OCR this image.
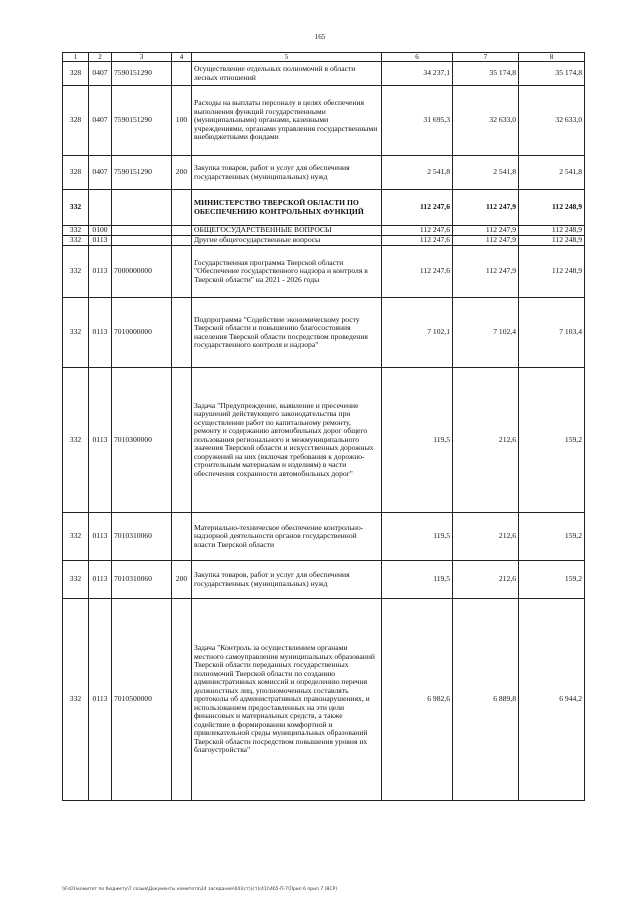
165
1	2	3	4	5	6	7	8
328	0407	7590151290		Осуществление отдельных полномочий в области лесных отношений	34 237,1	35 174,8	35 174,8
328	0407	7590151290	100	Расходы на выплаты персоналу в целях обеспечения выполнения функций государственными (муниципальными) органами, казенными учреждениями, органами управления государственными внебюджетными фондами	31 695,3	32 633,0	32 633,0
328	0407	7590151290	200	Закупка товаров, работ и услуг для обеспечения государственных (муниципальных) нужд	2 541,8	2 541,8	2 541,8
332				МИНИСТЕРСТВО ТВЕРСКОЙ ОБЛАСТИ ПО ОБЕСПЕЧЕНИЮ КОНТРОЛЬНЫХ ФУНКЦИЙ	112 247,6	112 247,9	112 248,9
332	0100			ОБЩЕГОСУДАРСТВЕННЫЕ ВОПРОСЫ	112 247,6	112 247,9	112 248,9
332	0113			Другие общегосударственные вопросы	112 247,6	112 247,9	112 248,9
332	0113	7000000000		Государственная программа Тверской области "Обеспечение государственного надзора и контроля в Тверской области" на 2021 - 2026 годы	112 247,6	112 247,9	112 248,9
332	0113	7010000000		Подпрограмма "Содействие экономическому росту Тверской области и повышению благосостояния населения Тверской области посредством проведения государственного контроля и надзора"	7 102,1	7 102,4	7 103,4
332	0113	7010300000		Задача "Предупреждение, выявление и пресечение нарушений действующего законодательства при осуществлении работ по капитальному ремонту, ремонту и содержанию автомобильных дорог общего пользования регионального и межмуниципального значения Тверской области и искусственных дорожных сооружений на них (включая требования к дорожно-строительным материалам и изделиям) в части обеспечения сохранности автомобильных дорог"	119,5	212,6	159,2
332	0113	7010310060		Материально-техническое обеспечение контрольно-надзорной деятельности органов государственной власти Тверской области	119,5	212,6	159,2
332	0113	7010310060	200	Закупка товаров, работ и услуг для обеспечения государственных (муниципальных) нужд	119,5	212,6	159,2
332	0113	7010500000		Задача "Контроль за осуществлением органами местного самоуправления муниципальных образований Тверской области переданных государственных полномочий Тверской области по созданию административных комиссий и определению перечня должностных лиц, уполномоченных составлять протоколы об административных правонарушениях, и использованием предоставленных на эти цели финансовых и материальных средств, а также содействие в формировании комфортной и привлекательной среды муниципальных образований Тверской области посредством повышения уровня их благоустройства"	6 982,6	6 889,8	6 944,2
\\Fs01\комитет по бюджету\7 созыв\Документы комитета\24 заседание\04)(ст)(ст)(41)\465-П-7\Прил 6 прил 7 (ВСР)
